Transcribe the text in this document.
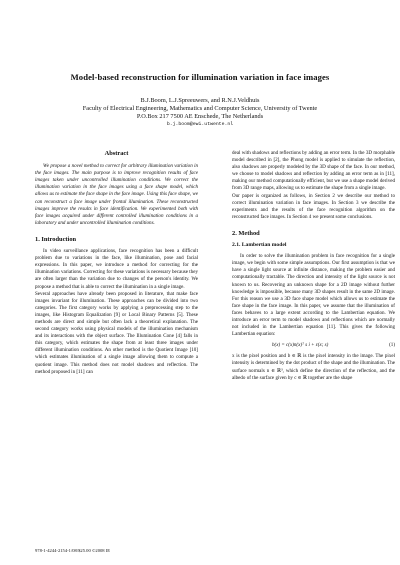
Model-based reconstruction for illumination variation in face images
B.J.Boom, L.J.Spreeuwers, and R.N.J.Veldhuis
Faculty of Electrical Engineering, Mathematics and Computer Science, University of Twente
P.O.Box 217 7500 AE Enschede, The Netherlands
b.j.boom@ewi.utwente.nl
Abstract

We propose a novel method to correct for arbitrary illumination variation in the face images. The main purpose is to improve recognition results of face images taken under uncontrolled illumination conditions. We correct the illumination variation in the face images using a face shape model, which allows us to estimate the face shape in the face image. Using this face shape, we can reconstruct a face image under frontal illumination. These reconstructed images improve the results in face identification. We experimented both with face images acquired under different controlled illumination conditions in a laboratory and under uncontrolled illumination conditions.

1. Introduction

In video surveillance applications, face recognition has been a difficult problem due to variations in the face, like illumination, pose and facial expressions. In this paper, we introduce a method for correcting for the illumination variations. Correcting for these variations is necessary because they are often larger than the variation due to changes of the person's identity. We propose a method that is able to correct the illumination in a single image.

Several approaches have already been proposed in literature, that make face images invariant for illumination. These approaches can be divided into two categories. The first category works by applying a preprocessing step to the images, like Histogram Equalization [9] or Local Binary Patterns [5]. These methods are direct and simple but often lack a theoretical explanation. The second category works using physical models of the illumination mechanism and its interactions with the object surface. The Illumination Cone [4] falls in this category, which estimates the shape from at least three images under different illumination conditions. An other method is the Quotient Image [10] which estimates illumination of a single image allowing them to compute a quotient image. This method does not model shadows and reflection. The method proposed in [11] can

deal with shadows and reflections by adding an error term. In the 3D morphable model described in [2], the Phong model is applied to simulate the reflection, also shadows are properly modeled by the 3D shape of the face. In our method, we choose to model shadows and reflection by adding an error term as in [11], making our method computationally efficient, but we use a shape model derived from 3D range maps, allowing us to estimate the shape from a single image.

Our paper is organized as follows, in Section 2 we describe our method to correct illumination variation in face images. In Section 3 we describe the experiments and the results of the face recognition algorithm on the reconstructed face images. In Section 4 we present some conclusions.

2. Method
2.1. Lambertian model

In order to solve the illumination problem in face recognition for a single image, we begin with some simple assumptions. Our first assumption is that we have a single light source at infinite distance, making the problem easier and computationally tractable. The direction and intensity of the light source is not known to us. Recovering an unknown shape for a 2D image without further knowledge is impossible, because many 3D shapes result in the same 2D image. For this reason we use a 3D face shape model which allows us to estimate the face shape in the face image. In this paper, we assume that the illumination of faces behaves to a large extent according to the Lambertian equation. We introduce an error term to model shadows and reflections which are normally not included in the Lambertian equation [11]. This gives the following Lambertian equation:

b(x) = c(x)n(x)ᵀ s i + ε(x; s)	(1)

x is the pixel position and b ∈ ℝ is the pixel intensity in the image. The pixel intensity is determined by the dot product of the shape and the illumination. The surface normals n ∈ ℝ³, which define the direction of the reflection, and the albedo of the surface given by c ∈ ℝ together are the shape

978-1-4244-2154-1/08/$25.00 ©2008 IE
